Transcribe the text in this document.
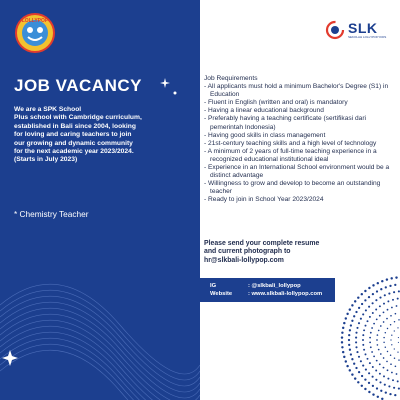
LOLLYPOP
JOB VACANCY
We are a SPK School
Plus school with Cambridge curriculum,
established in Bali since 2004, looking
for loving and caring teachers to join
our growing and dynamic community
for the next academic year 2023/2024.
(Starts in July 2023)

* Chemistry Teacher

SLK
SEKOLAH LOLLYPOP KIDS

Job Requirements

- All applicants must hold a minimum Bachelor's Degree (S1) in Education
- Fluent in English (written and oral) is mandatory
- Having a linear educational background
- Preferably having a teaching certificate (sertifikasi dari pemerintah Indonesia)
- Having good skills in class management
- 21st-century teaching skills and a high level of technology
- A minimum of 2 years of full-time teaching experience in a recognized educational institutional ideal
- Experience in an International School environment would be a distinct advantage
- Willingness to grow and develop to become an outstanding teacher
- Ready to join in School Year 2023/2024

Please send your complete resume

and current photograph to

hr@slkbali-lollypop.com

IG	: @slkbali_lollypop
Website	: www.slkbali-lollypop.com
